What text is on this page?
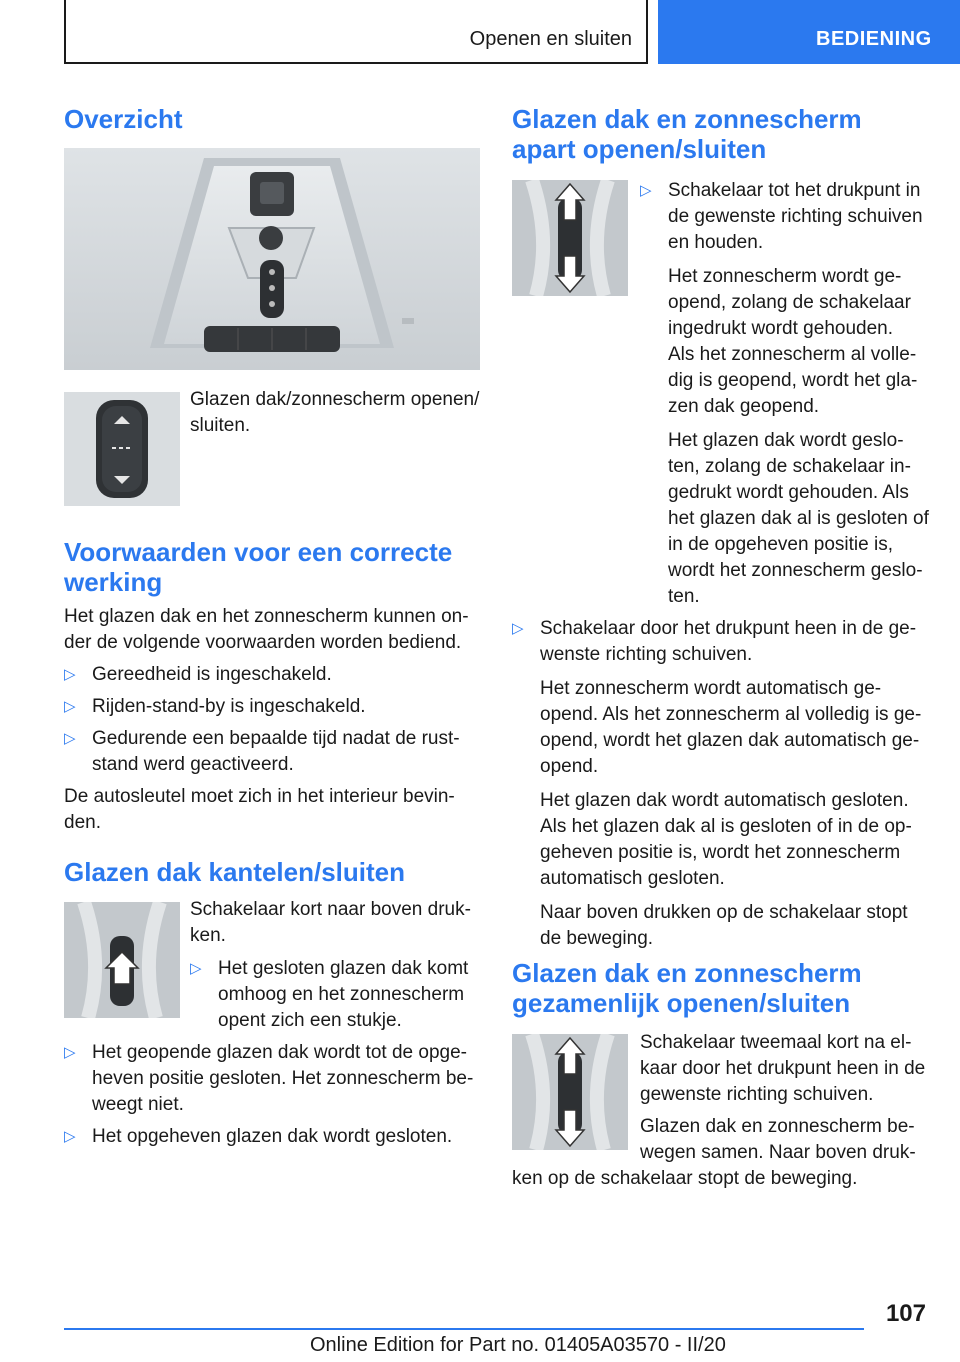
Openen en sluiten	BEDIENING
Overzicht

Glazen dak/zonnescherm openen/

sluiten.

Voorwaarden voor een correcte
werking

Het glazen dak en het zonnescherm kunnen on‐

der de volgende voorwaarden worden bediend.

▷ Gereedheid is ingeschakeld.
▷ Rijden-stand-by is ingeschakeld.
▷ Gedurende een bepaalde tijd nadat de rust‐

stand werd geactiveerd.

De autosleutel moet zich in het interieur bevin‐

den.

Glazen dak kantelen/sluiten

Schakelaar kort naar boven druk‐

ken.

▷ Het gesloten glazen dak komt

omhoog en het zonnescherm

opent zich een stukje.

▷ Het geopende glazen dak wordt tot de opge‐

heven positie gesloten. Het zonnescherm be‐

weegt niet.

▷ Het opgeheven glazen dak wordt gesloten.
Glazen dak en zonnescherm
apart openen/sluiten
▷ Schakelaar tot het drukpunt in

de gewenste richting schuiven

en houden.

Het zonnescherm wordt ge‐

opend, zolang de schakelaar

ingedrukt wordt gehouden.

Als het zonnescherm al volle‐

dig is geopend, wordt het gla‐

zen dak geopend.

Het glazen dak wordt geslo‐

ten, zolang de schakelaar in‐

gedrukt wordt gehouden. Als

het glazen dak al is gesloten of

in de opgeheven positie is,

wordt het zonnescherm geslo‐

ten.

▷ Schakelaar door het drukpunt heen in de ge‐

wenste richting schuiven.

Het zonnescherm wordt automatisch ge‐

opend. Als het zonnescherm al volledig is ge‐

opend, wordt het glazen dak automatisch ge‐

opend.

Het glazen dak wordt automatisch gesloten.

Als het glazen dak al is gesloten of in de op‐

geheven positie is, wordt het zonnescherm

automatisch gesloten.

Naar boven drukken op de schakelaar stopt

de beweging.

Glazen dak en zonnescherm
gezamenlijk openen/sluiten

Schakelaar tweemaal kort na el‐

kaar door het drukpunt heen in de

gewenste richting schuiven.

Glazen dak en zonnescherm be‐

wegen samen. Naar boven druk‐

ken op de schakelaar stopt de beweging.

107
Online Edition for Part no. 01405A03570 - II/20
